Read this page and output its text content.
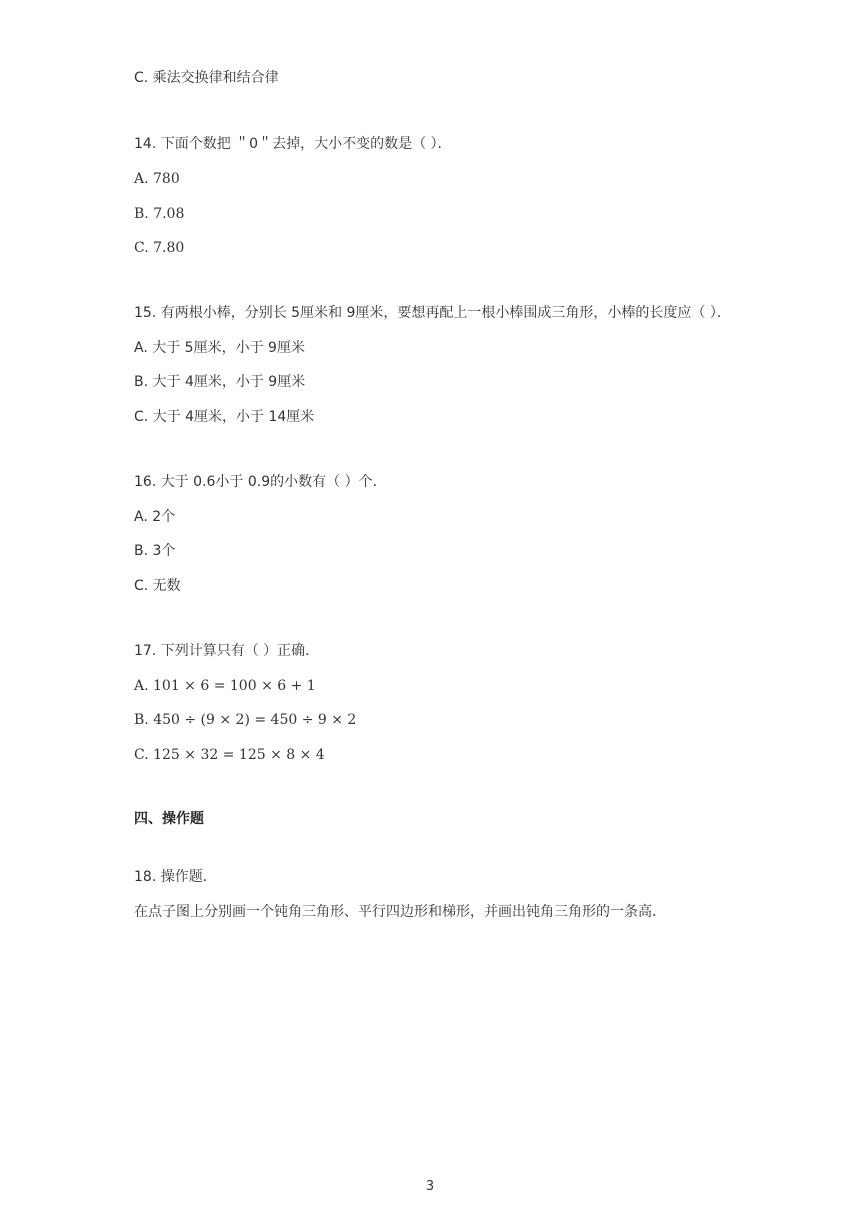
C. 乘法交换律和结合律
14. 下面个数把 ＂0＂去掉，大小不变的数是（ ）．
A. 780
B. 7.08
C. 7.80
15. 有两根小棒，分别长 5厘米和 9厘米，要想再配上一根小棒围成三角形，小棒的长度应（ ）．
A. 大于 5厘米，小于 9厘米
B. 大于 4厘米，小于 9厘米
C. 大于 4厘米，小于 14厘米
16. 大于 0.6小于 0.9的小数有（ ）个．
A. 2个
B. 3个
C. 无数
17. 下列计算只有（ ）正确．
A. 101 × 6 = 100 × 6 + 1
B. 450 ÷ (9 × 2) = 450 ÷ 9 × 2
C. 125 × 32 = 125 × 8 × 4
四、操作题
18. 操作题．
在点子图上分别画一个钝角三角形、平行四边形和梯形，并画出钝角三角形的一条高．
3
